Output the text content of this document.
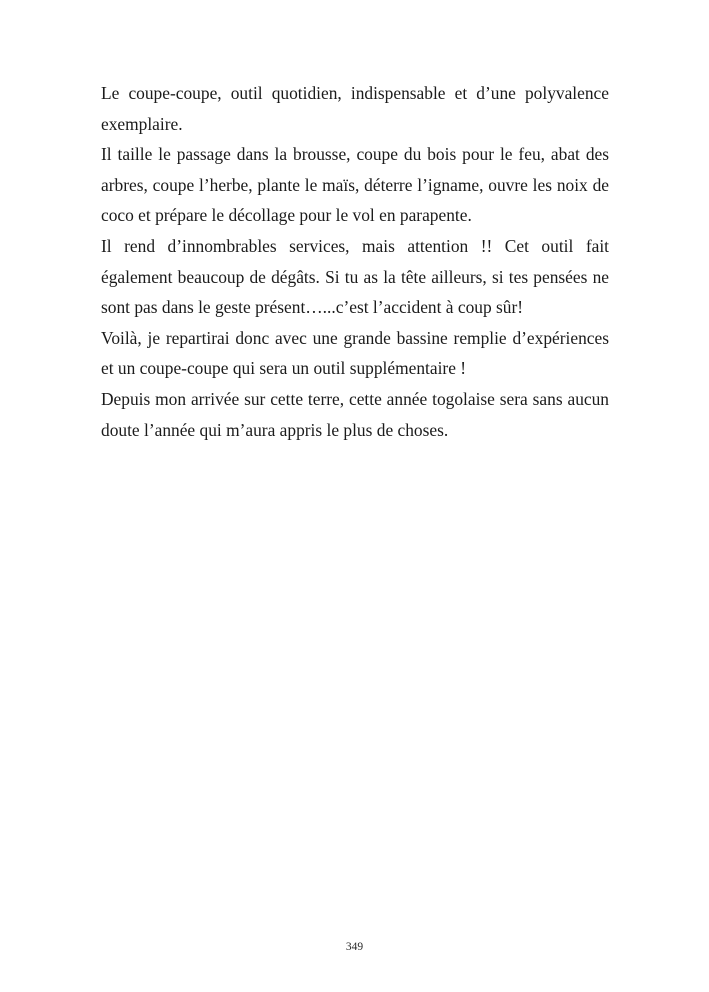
Le coupe-coupe, outil quotidien, indispensable et d’une polyvalence exemplaire.

Il taille le passage dans la brousse, coupe du bois pour le feu, abat des arbres, coupe l’herbe, plante le maïs, déterre l’igname, ouvre les noix de coco et prépare le décollage pour le vol en parapente.

Il rend d’innombrables services, mais attention !! Cet outil fait également beaucoup de dégâts. Si tu as la tête ailleurs, si tes pensées ne sont pas dans le geste présent…...c’est l’accident à coup sûr!

Voilà, je repartirai donc avec une grande bassine remplie d’expériences et un coupe-coupe qui sera un outil supplémentaire !

Depuis mon arrivée sur cette terre, cette année togolaise sera sans aucun doute l’année qui m’aura appris le plus de choses.

349
